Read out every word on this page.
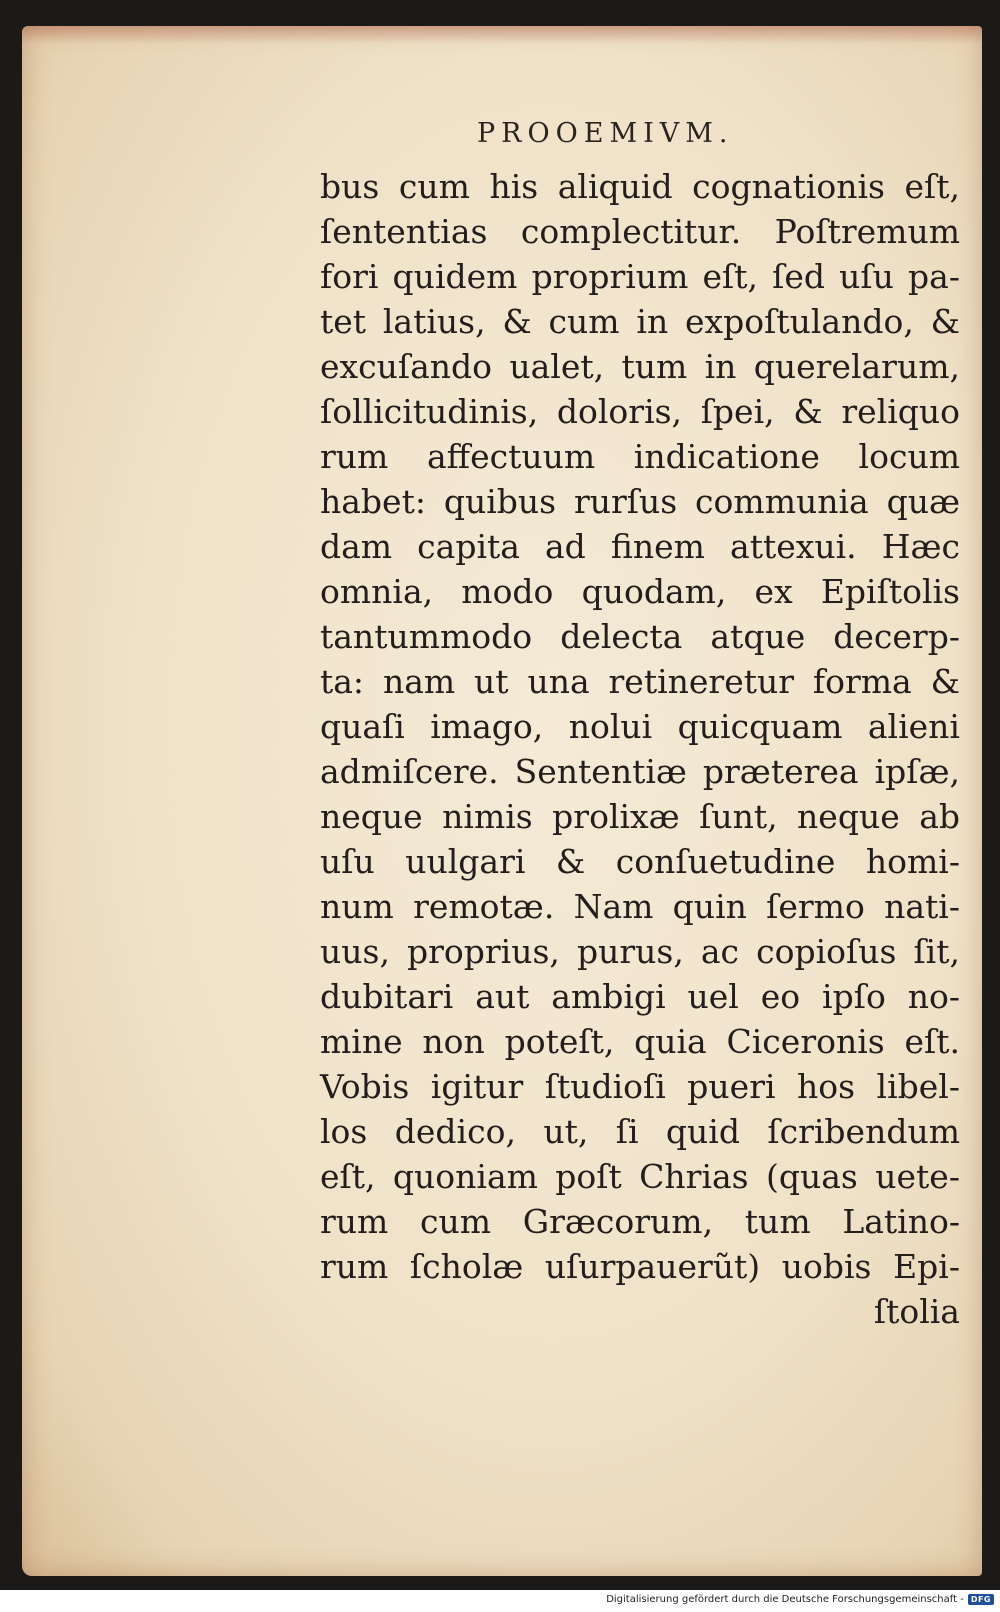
PROOEMIVM.
bus cum his aliquid cognationis eſt,
ſententias complectitur. Poſtremum
fori quidem proprium eſt, ſed uſu pa-
tet latius, & cum in expoſtulando, &
excuſando ualet, tum in querelarum,
ſollicitudinis, doloris, ſpei, & reliquo
rum affectuum indicatione locum
habet: quibus rurſus communia quæ
dam capita ad finem attexui. Hæc
omnia, modo quodam, ex Epiſtolis
tantummodo delecta atque decerp-
ta: nam ut una retineretur forma &
quaſi imago, nolui quicquam alieni
admiſcere. Sententiæ præterea ipſæ,
neque nimis prolixæ ſunt, neque ab
uſu uulgari & conſuetudine homi-
num remotæ. Nam quin ſermo nati-
uus, proprius, purus, ac copioſus ſit,
dubitari aut ambigi uel eo ipſo no-
mine non poteſt, quia Ciceronis eſt.
Vobis igitur ſtudioſi pueri hos libel-
los dedico, ut, ſi quid ſcribendum
eſt, quoniam poſt Chrias (quas uete-
rum cum Græcorum, tum Latino-
rum ſcholæ uſurpauerũt) uobis Epi-
ſtolia
Digitalisierung gefördert durch die Deutsche Forschungsgemeinschaft - DFG
